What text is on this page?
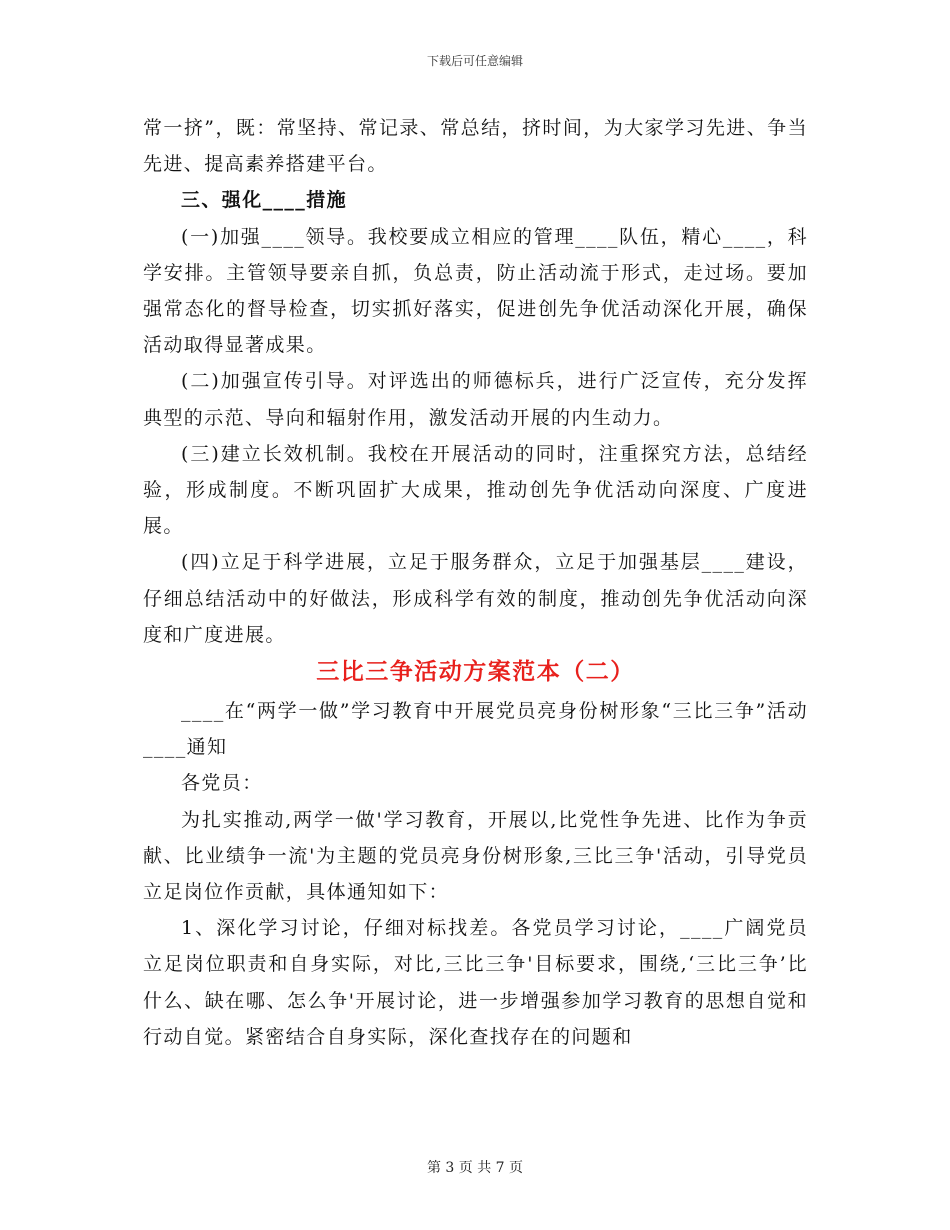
下载后可任意编辑

常一挤”，既：常坚持、常记录、常总结，挤时间，为大家学习先进、争当先进、提高素养搭建平台。

三、强化____措施

(一)加强____领导。我校要成立相应的管理____队伍，精心____，科学安排。主管领导要亲自抓，负总责，防止活动流于形式，走过场。要加强常态化的督导检查，切实抓好落实，促进创先争优活动深化开展，确保活动取得显著成果。

(二)加强宣传引导。对评选出的师德标兵，进行广泛宣传，充分发挥典型的示范、导向和辐射作用，激发活动开展的内生动力。

(三)建立长效机制。我校在开展活动的同时，注重探究方法，总结经验，形成制度。不断巩固扩大成果，推动创先争优活动向深度、广度进展。

(四)立足于科学进展，立足于服务群众，立足于加强基层____建设，仔细总结活动中的好做法，形成科学有效的制度，推动创先争优活动向深度和广度进展。

三比三争活动方案范本（二）

____在“两学一做”学习教育中开展党员亮身份树形象“三比三争”活动____通知

各党员：

为扎实推动,两学一做'学习教育，开展以,比党性争先进、比作为争贡献、比业绩争一流'为主题的党员亮身份树形象,三比三争'活动，引导党员立足岗位作贡献，具体通知如下：

1、深化学习讨论，仔细对标找差。各党员学习讨论，____广阔党员立足岗位职责和自身实际，对比,三比三争'目标要求，围绕,‘三比三争’比什么、缺在哪、怎么争'开展讨论，进一步增强参加学习教育的思想自觉和行动自觉。紧密结合自身实际，深化查找存在的问题和

第 3 页 共 7 页
